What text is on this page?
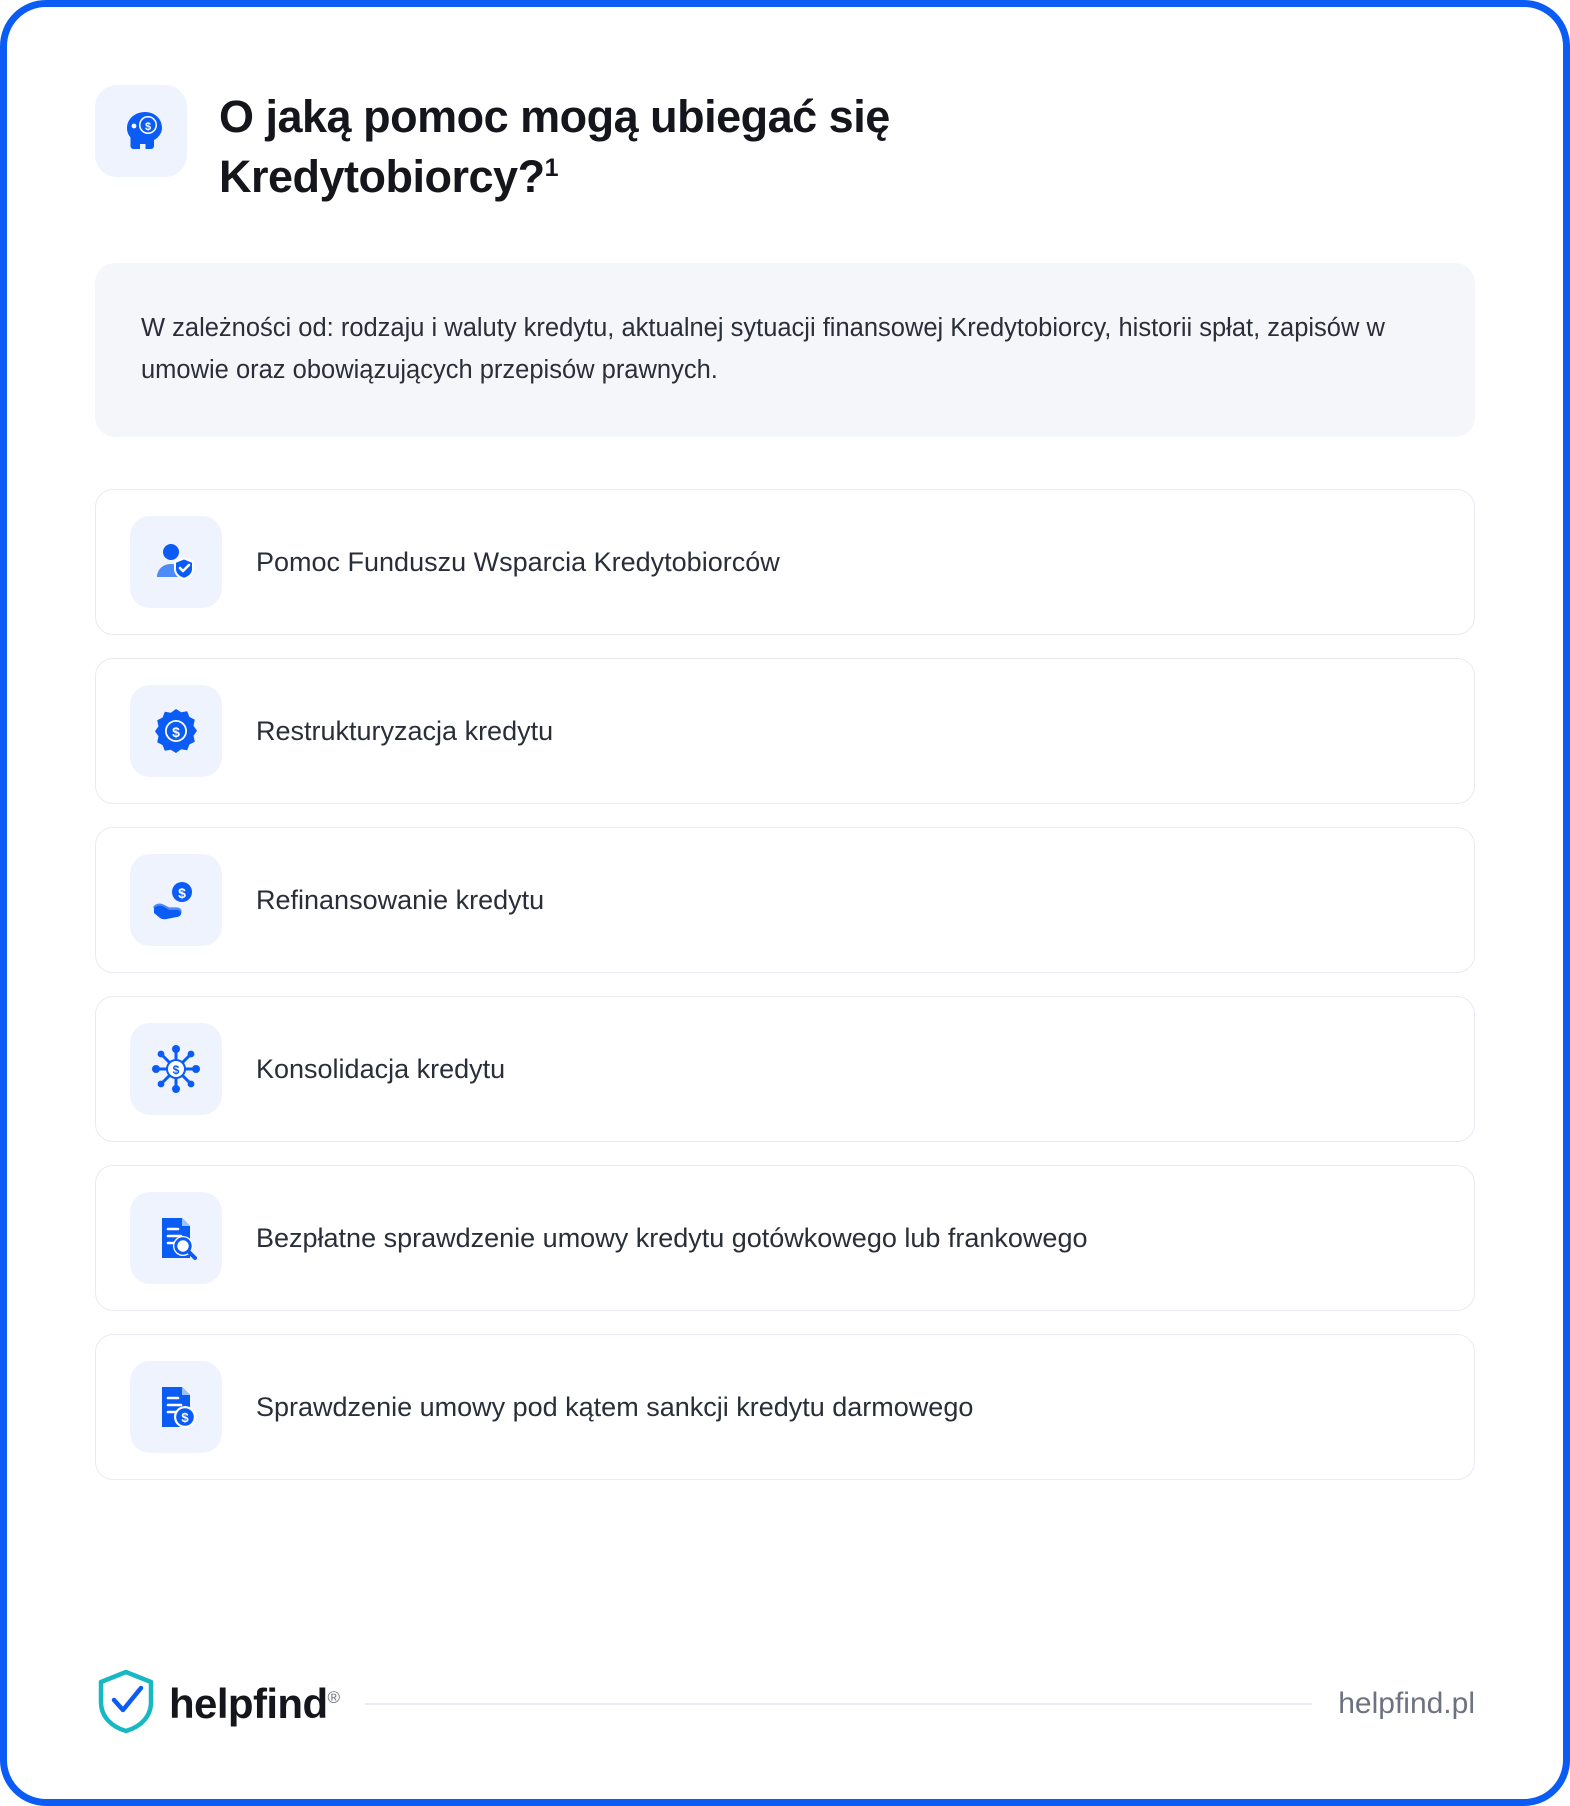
$ O jaką pomoc mogą ubiegać się Kredytobiorcy?$^1$

W zależności od: rodzaju i waluty kredytu, aktualnej sytuacji finansowej Kredytobiorcy, historii spłat, zapisów w umowie oraz obowiązujących przepisów prawnych.

Pomoc Funduszu Wsparcia Kredytobiorców
$	Restrukturyzacja kredytu
$	Refinansowanie kredytu
$	Konsolidacja kredytu
Bezpłatne sprawdzenie umowy kredytu gotówkowego lub frankowego
$ Sprawdzenie umowy pod kątem sankcji kredytu darmowego
helpfind®	helpfind.pl
